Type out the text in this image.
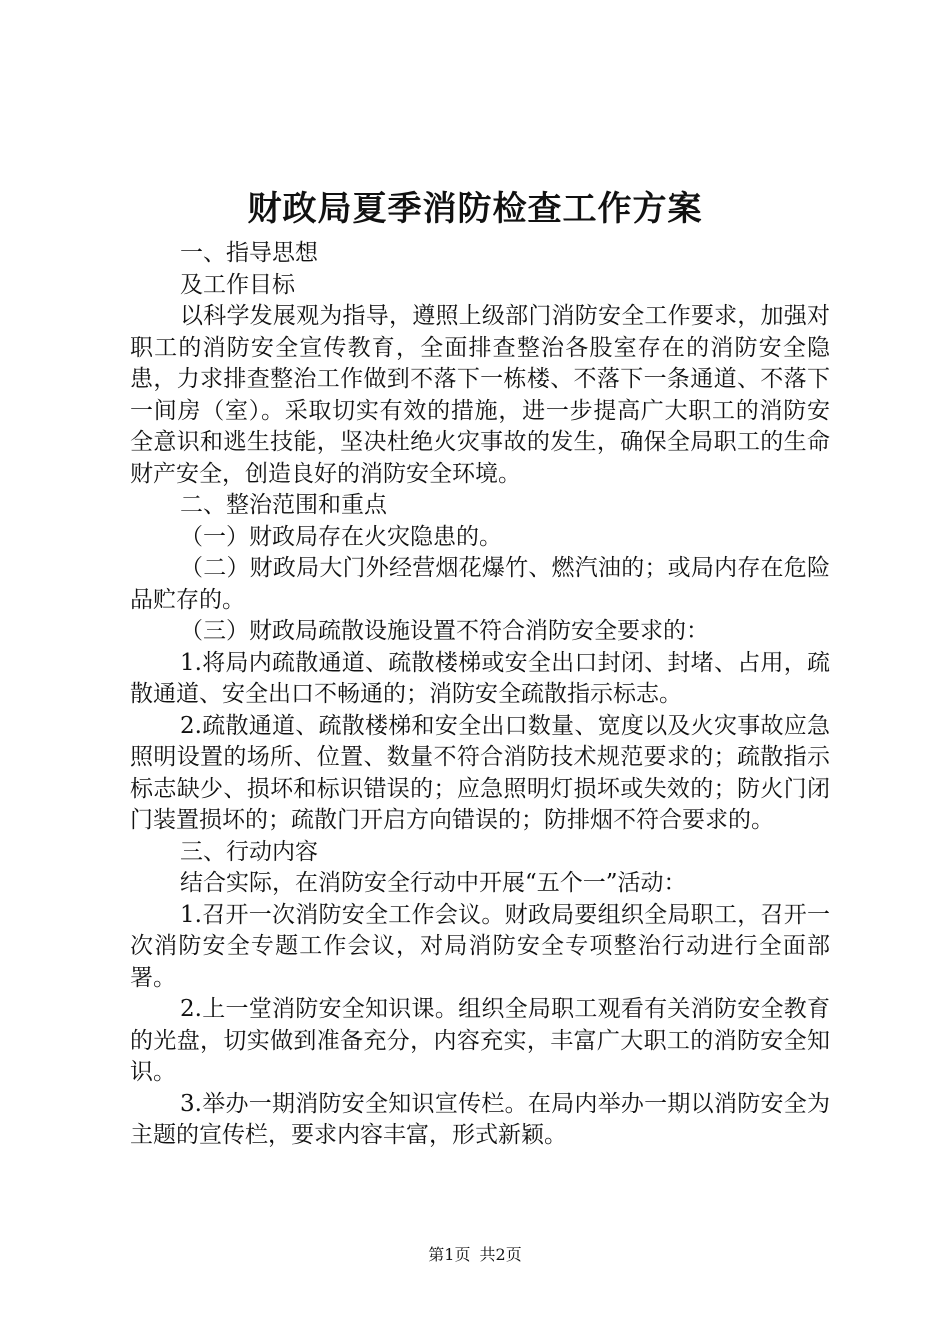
财政局夏季消防检查工作方案

一、指导思想

及工作目标

以科学发展观为指导，遵照上级部门消防安全工作要求，加强对职工的消防安全宣传教育，全面排查整治各股室存在的消防安全隐患，力求排查整治工作做到不落下一栋楼、不落下一条通道、不落下一间房（室）。采取切实有效的措施，进一步提高广大职工的消防安全意识和逃生技能，坚决杜绝火灾事故的发生，确保全局职工的生命财产安全，创造良好的消防安全环境。

二、整治范围和重点

（一）财政局存在火灾隐患的。

（二）财政局大门外经营烟花爆竹、燃汽油的；或局内存在危险品贮存的。

（三）财政局疏散设施设置不符合消防安全要求的：

1.将局内疏散通道、疏散楼梯或安全出口封闭、封堵、占用，疏散通道、安全出口不畅通的；消防安全疏散指示标志。

2.疏散通道、疏散楼梯和安全出口数量、宽度以及火灾事故应急照明设置的场所、位置、数量不符合消防技术规范要求的；疏散指示标志缺少、损坏和标识错误的；应急照明灯损坏或失效的；防火门闭门装置损坏的；疏散门开启方向错误的；防排烟不符合要求的。

三、行动内容

结合实际，在消防安全行动中开展“五个一”活动：

1.召开一次消防安全工作会议。财政局要组织全局职工，召开一次消防安全专题工作会议，对局消防安全专项整治行动进行全面部署。

2.上一堂消防安全知识课。组织全局职工观看有关消防安全教育的光盘，切实做到准备充分，内容充实，丰富广大职工的消防安全知识。

3.举办一期消防安全知识宣传栏。在局内举办一期以消防安全为主题的宣传栏，要求内容丰富，形式新颖。

第1页 共2页
